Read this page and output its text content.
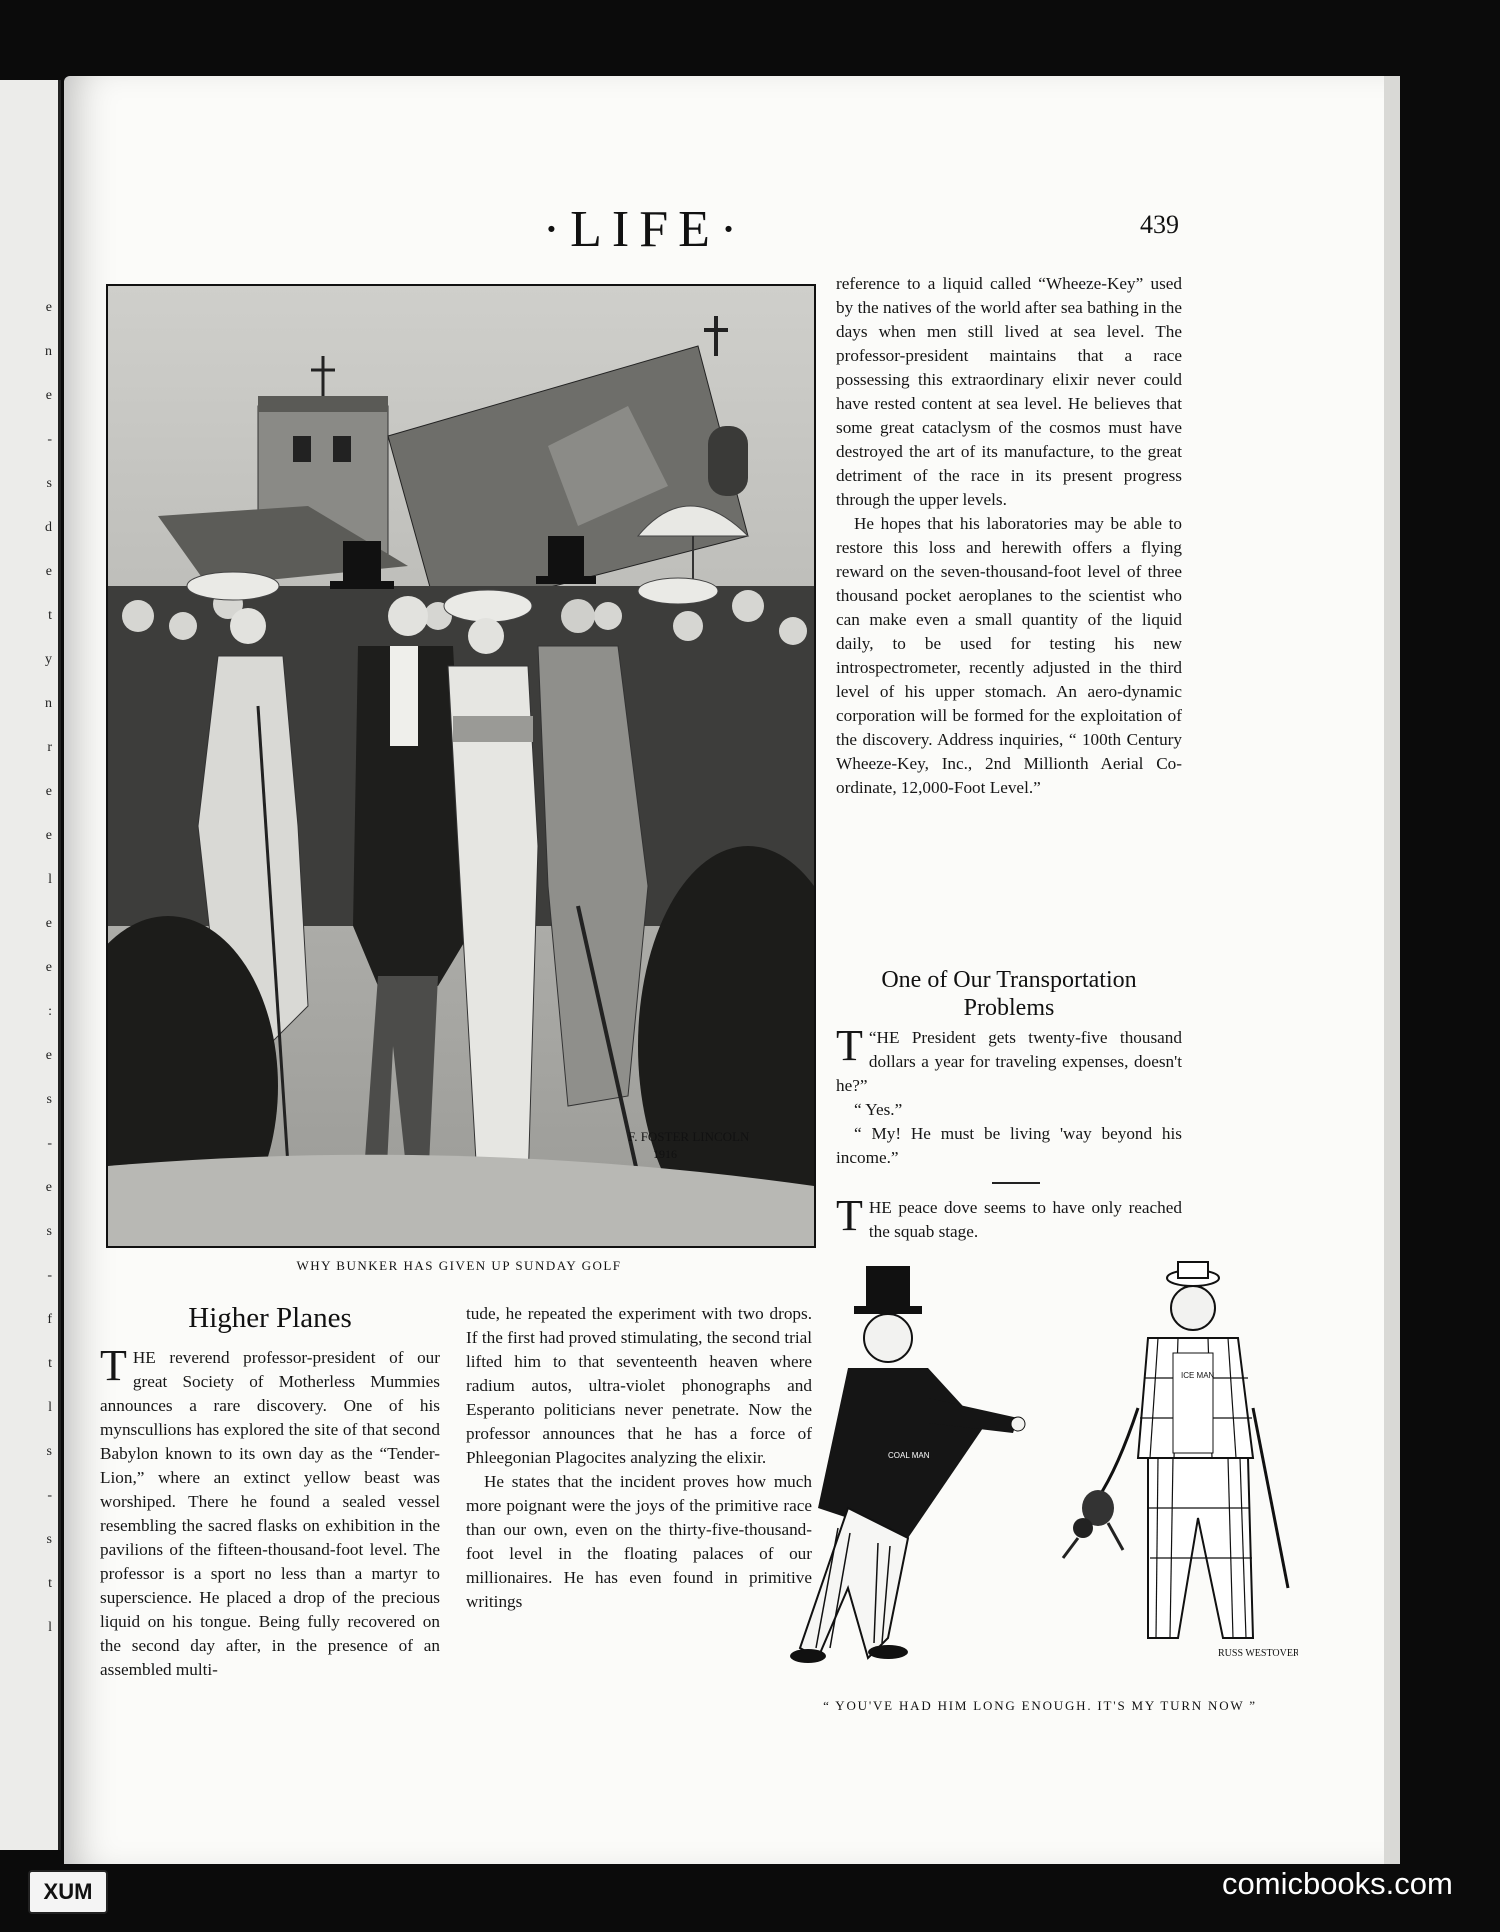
e
n
e
-
s
d
e
t
y
n
r
e
e
l
e
e
:
e
s
-
e
s
-
f
t
l
s
-
s
t
l
·LIFE·	439
F. FOSTER LINCOLN
1916
WHY BUNKER HAS GIVEN UP SUNDAY GOLF

reference to a liquid called “Wheeze-Key” used by the natives of the world after sea bathing in the days when men still lived at sea level. The professor-president maintains that a race possessing this extraordinary elixir never could have rested content at sea level. He believes that some great cataclysm of the cosmos must have destroyed the art of its manufacture, to the great detriment of the race in its present progress through the upper levels.

He hopes that his laboratories may be able to restore this loss and herewith offers a flying reward on the seven-thousand-foot level of three thousand pocket aeroplanes to the scientist who can make even a small quantity of the liquid daily, to be used for testing his new introspectrometer, recently adjusted in the third level of his upper stomach. An aero-dynamic corporation will be formed for the exploitation of the discovery. Address inquiries, “ 100th Century Wheeze-Key, Inc., 2nd Millionth Aerial Co-ordinate, 12,000-Foot Level.”

One of Our Transportation
Problems

“
T HE President gets twenty-five thousand dollars a year for traveling expenses, doesn't he?”

“ Yes.”

“ My! He must be living 'way beyond his income.”

THE peace dove seems to have only reached the squab stage.

Higher Planes

THE reverend professor-president of our great Society of Motherless Mummies announces a rare discovery. One of his mynscullions has explored the site of that second Babylon known to its own day as the “Tender-Lion,” where an extinct yellow beast was worshiped. There he found a sealed vessel resembling the sacred flasks on exhibition in the pavilions of the fifteen-thousand-foot level. The professor is a sport no less than a martyr to superscience. He placed a drop of the precious liquid on his tongue. Being fully recovered on the second day after, in the presence of an assembled multi-

tude, he repeated the experiment with two drops. If the first had proved stimulating, the second trial lifted him to that seventeenth heaven where radium autos, ultra-violet phonographs and Esperanto politicians never penetrate. Now the professor announces that he has a force of Phleegonian Plagocites analyzing the elixir.

He states that the incident proves how much more poignant were the joys of the primitive race than our own, even on the thirty-five-thousand-foot level in the floating palaces of our millionaires. He has even found in primitive writings

COAL MAN
ICE MAN
RUSS WESTOVER
“ YOU'VE HAD HIM LONG ENOUGH. IT'S MY TURN NOW ”
XUM	comicbooks.com
